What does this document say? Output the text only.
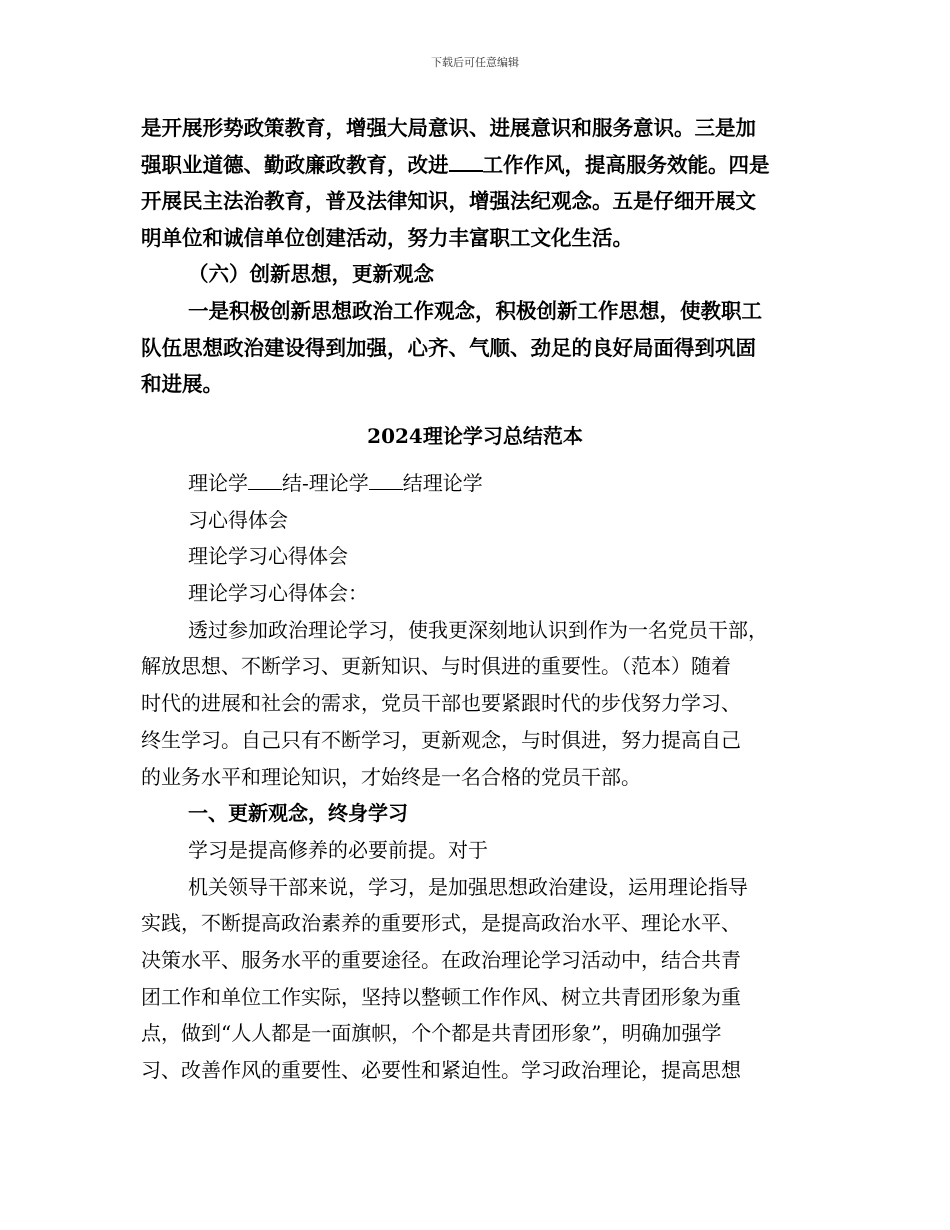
下载后可任意编辑
是开展形势政策教育，增强大局意识、进展意识和服务意识。三是加
强职业道德、勤政廉政教育，改进 工作作风，提高服务效能。四是
开展民主法治教育，普及法律知识，增强法纪观念。五是仔细开展文
明单位和诚信单位创建活动，努力丰富职工文化生活。
（六）创新思想，更新观念
一是积极创新思想政治工作观念，积极创新工作思想，使教职工
队伍思想政治建设得到加强，心齐、气顺、劲足的良好局面得到巩固
和进展。
2024理论学习总结范本
理论学 结-理论学 结理论学
习心得体会
理论学习心得体会
理论学习心得体会：
透过参加政治理论学习，使我更深刻地认识到作为一名党员干部，
解放思想、不断学习、更新知识、与时俱进的重要性。（范本）随着
时代的进展和社会的需求，党员干部也要紧跟时代的步伐努力学习、
终生学习。自己只有不断学习，更新观念，与时俱进，努力提高自己
的业务水平和理论知识，才始终是一名合格的党员干部。
一、更新观念，终身学习
学习是提高修养的必要前提。对于
机关领导干部来说，学习，是加强思想政治建设，运用理论指导
实践，不断提高政治素养的重要形式，是提高政治水平、理论水平、
决策水平、服务水平的重要途径。在政治理论学习活动中，结合共青
团工作和单位工作实际，坚持以整顿工作作风、树立共青团形象为重
点，做到“人人都是一面旗帜，个个都是共青团形象”，明确加强学
习、改善作风的重要性、必要性和紧迫性。学习政治理论，提高思想
